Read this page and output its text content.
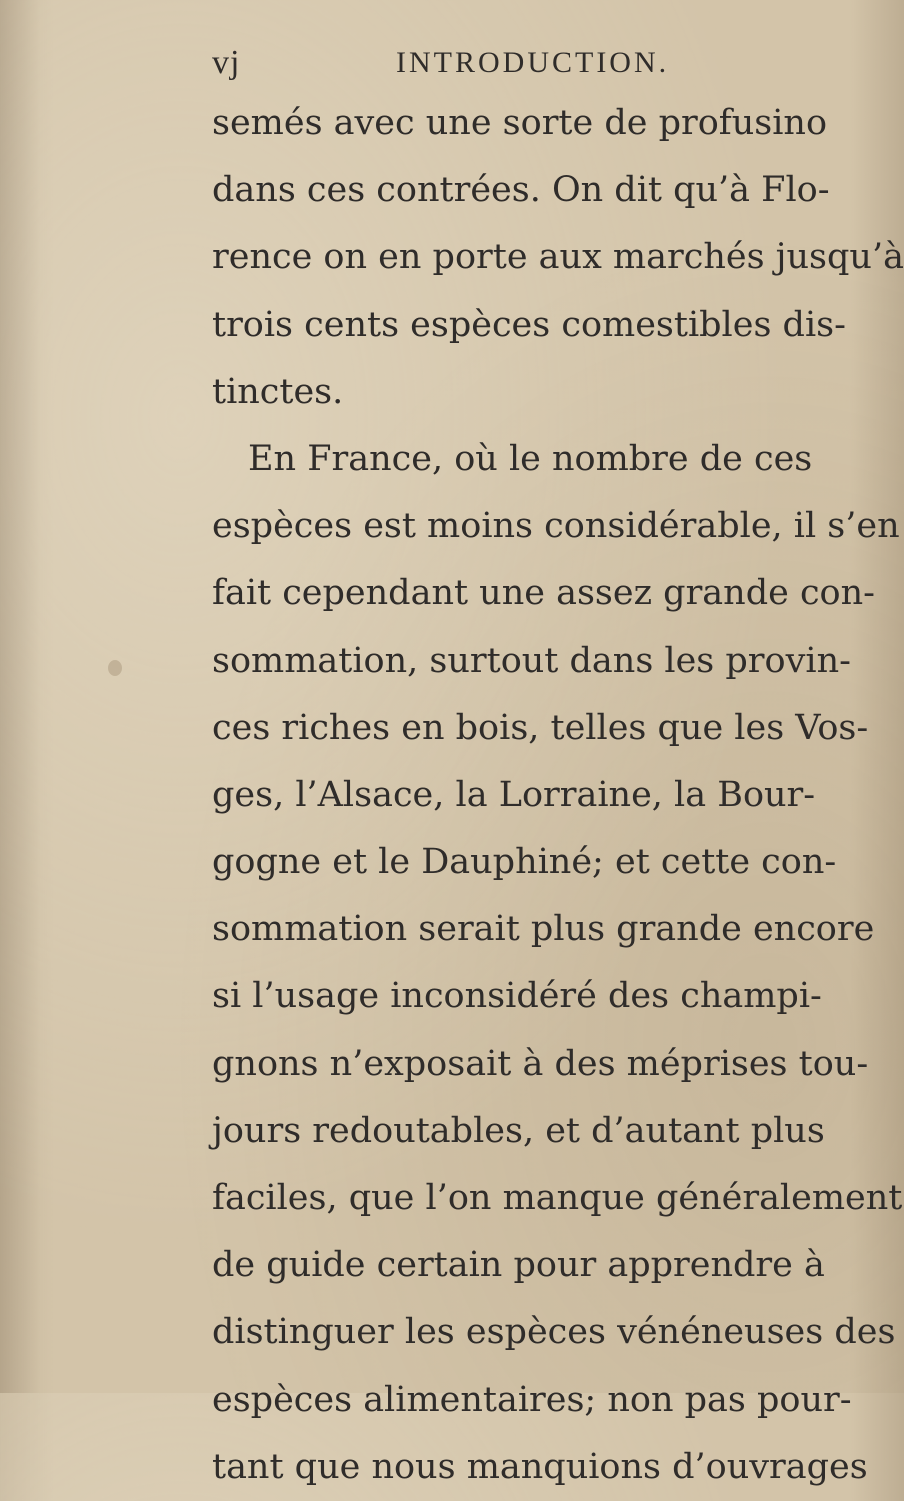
vj	INTRODUCTION.
semés avec une sorte de profusino
dans ces contrées. On dit qu’à Flo-
rence on en porte aux marchés jusqu’à
trois cents espèces comestibles dis-
tinctes.
En France, où le nombre de ces
espèces est moins considérable, il s’en
fait cependant une assez grande con-
sommation, surtout dans les provin-
ces riches en bois, telles que les Vos-
ges, l’Alsace, la Lorraine, la Bour-
gogne et le Dauphiné; et cette con-
sommation serait plus grande encore
si l’usage inconsidéré des champi-
gnons n’exposait à des méprises tou-
jours redoutables, et d’autant plus
faciles, que l’on manque généralement
de guide certain pour apprendre à
distinguer les espèces vénéneuses des
espèces alimentaires; non pas pour-
tant que nous manquions d’ouvrages
